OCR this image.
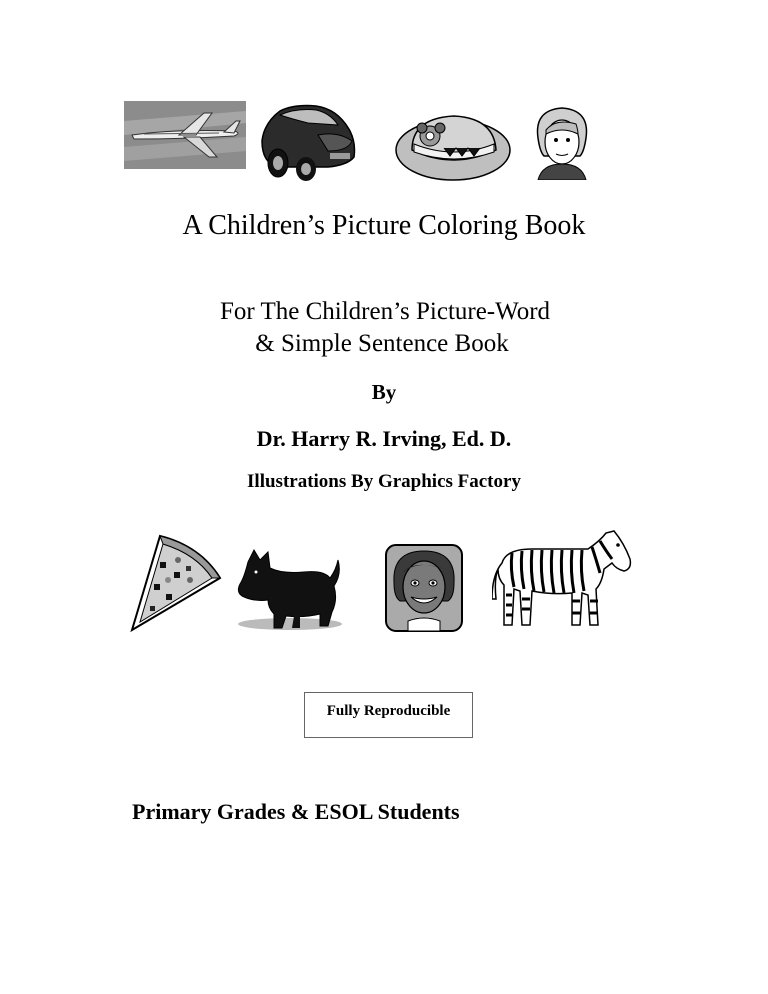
A Children’s Picture Coloring Book
For The Children’s Picture-Word
& Simple Sentence Book
By
Dr. Harry R. Irving, Ed. D.
Illustrations By Graphics Factory
Fully Reproducible
Primary Grades & ESOL Students
